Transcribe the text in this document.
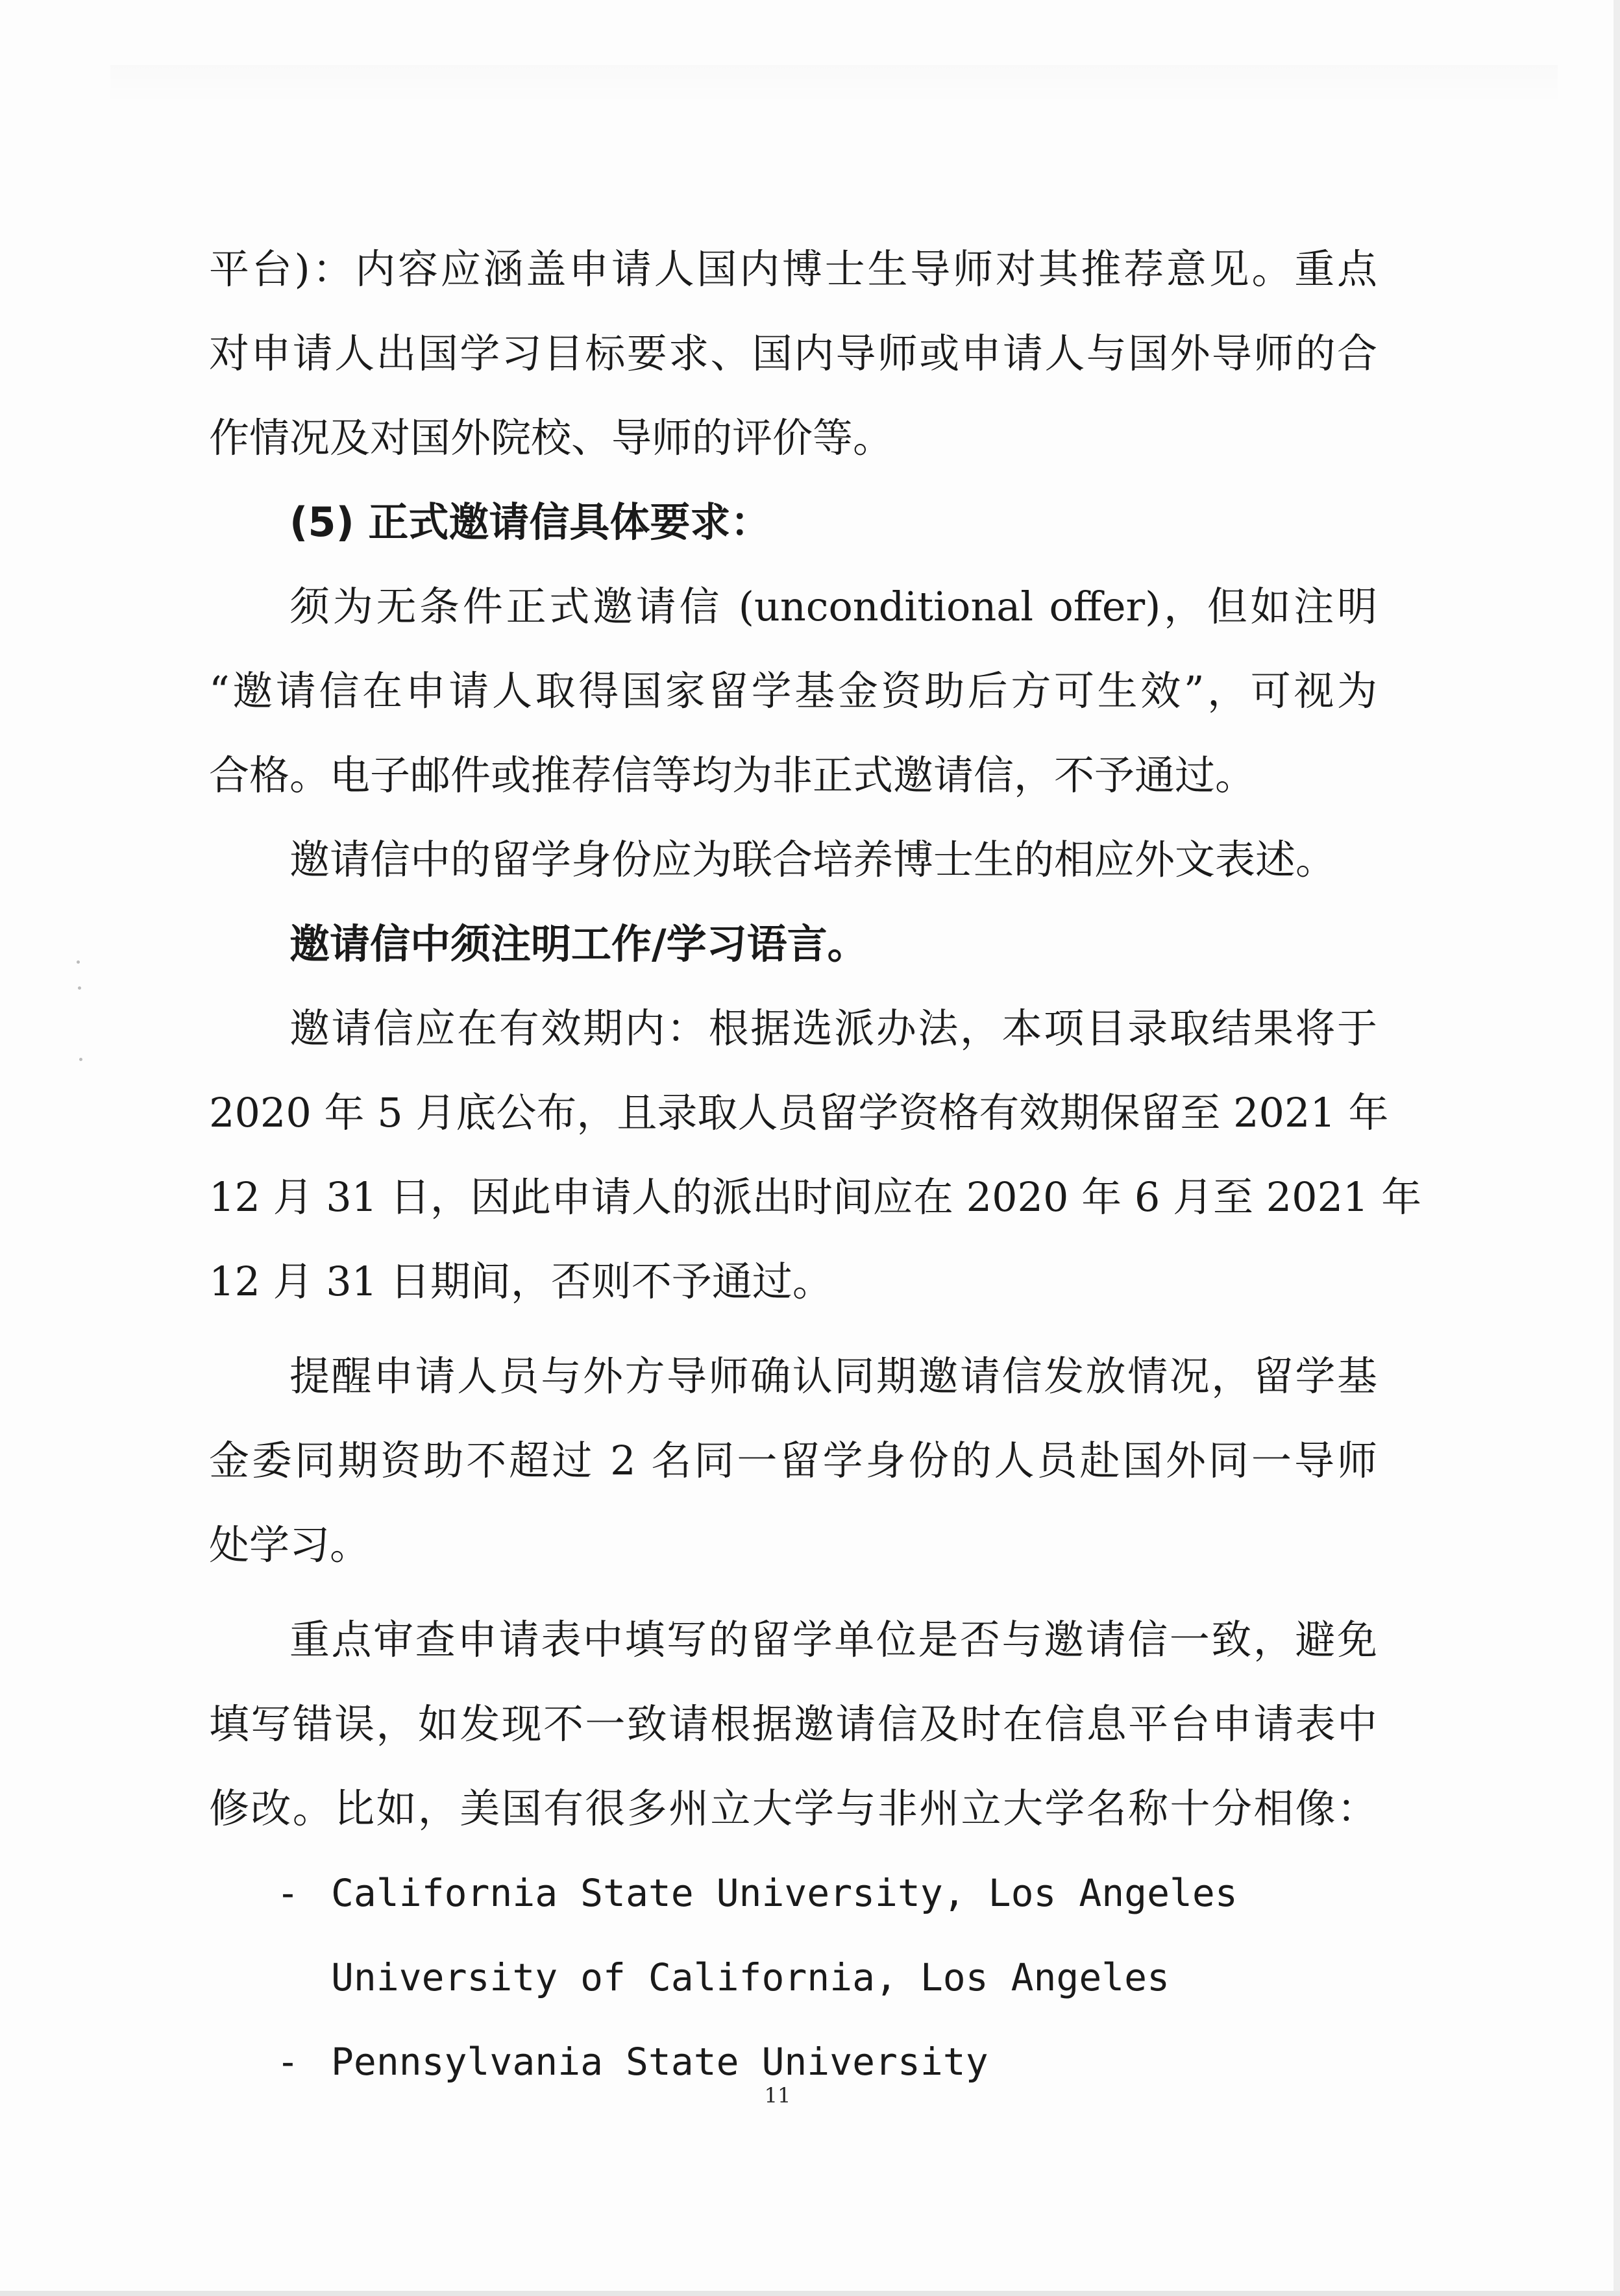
平台)：内容应涵盖申请人国内博士生导师对其推荐意见。重点
对申请人出国学习目标要求、国内导师或申请人与国外导师的合
作情况及对国外院校、导师的评价等。
(5) 正式邀请信具体要求：
须为无条件正式邀请信 (unconditional offer)，但如注明
“邀请信在申请人取得国家留学基金资助后方可生效”，可视为
合格。电子邮件或推荐信等均为非正式邀请信，不予通过。
邀请信中的留学身份应为联合培养博士生的相应外文表述。
邀请信中须注明工作/学习语言。
邀请信应在有效期内：根据选派办法，本项目录取结果将于
2020 年 5 月底公布，且录取人员留学资格有效期保留至 2021 年
12 月 31 日，因此申请人的派出时间应在 2020 年 6 月至 2021 年
12 月 31 日期间，否则不予通过。
提醒申请人员与外方导师确认同期邀请信发放情况，留学基
金委同期资助不超过 2 名同一留学身份的人员赴国外同一导师
处学习。
重点审查申请表中填写的留学单位是否与邀请信一致，避免
填写错误，如发现不一致请根据邀请信及时在信息平台申请表中
修改。比如，美国有很多州立大学与非州立大学名称十分相像：
- California State University, Los Angeles
University of California, Los Angeles
- Pennsylvania State University
11
